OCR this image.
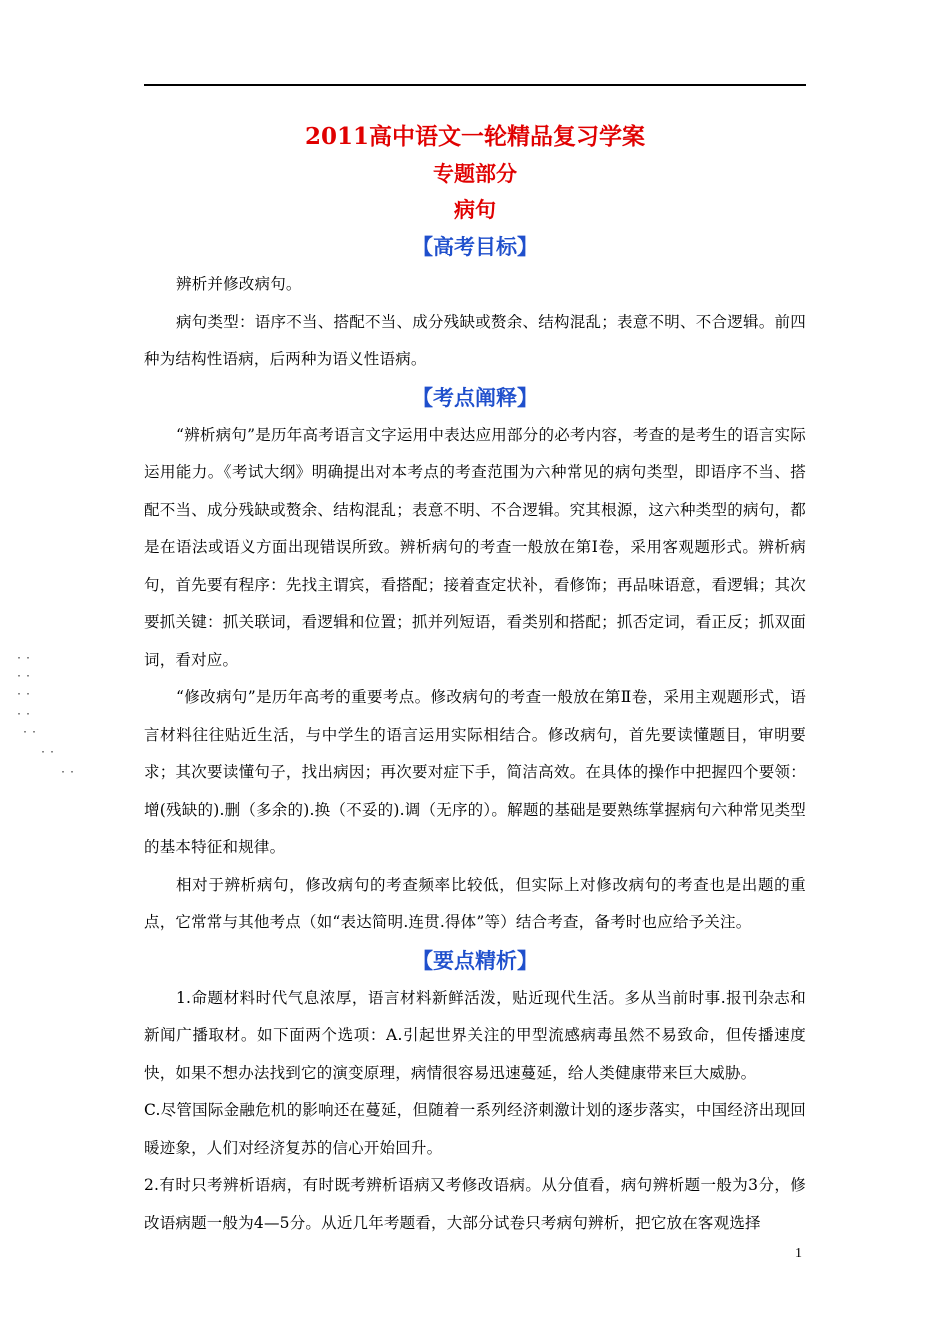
··
··
··
··
··
··
··
2011高中语文一轮精品复习学案
专题部分
病句
【高考目标】

辨析并修改病句。

病句类型：语序不当、搭配不当、成分残缺或赘余、结构混乱；表意不明、不合逻辑。前四种为结构性语病，后两种为语义性语病。

【考点阐释】

“辨析病句”是历年高考语言文字运用中表达应用部分的必考内容，考查的是考生的语言实际运用能力。《考试大纲》明确提出对本考点的考查范围为六种常见的病句类型，即语序不当、搭配不当、成分残缺或赘余、结构混乱；表意不明、不合逻辑。究其根源，这六种类型的病句，都是在语法或语义方面出现错误所致。辨析病句的考查一般放在第Ⅰ卷，采用客观题形式。辨析病句，首先要有程序：先找主谓宾，看搭配；接着查定状补，看修饰；再品味语意，看逻辑；其次要抓关键：抓关联词，看逻辑和位置；抓并列短语，看类别和搭配；抓否定词，看正反；抓双面词，看对应。

“修改病句”是历年高考的重要考点。修改病句的考查一般放在第Ⅱ卷，采用主观题形式，语言材料往往贴近生活，与中学生的语言运用实际相结合。修改病句，首先要读懂题目，审明要求；其次要读懂句子，找出病因；再次要对症下手，简洁高效。在具体的操作中把握四个要领：增(残缺的).删（多余的).换（不妥的).调（无序的）。解题的基础是要熟练掌握病句六种常见类型的基本特征和规律。

相对于辨析病句，修改病句的考查频率比较低，但实际上对修改病句的考查也是出题的重点，它常常与其他考点（如“表达简明.连贯.得体”等）结合考查，备考时也应给予关注。

【要点精析】

1.命题材料时代气息浓厚，语言材料新鲜活泼，贴近现代生活。多从当前时事.报刊杂志和新闻广播取材。如下面两个选项：A.引起世界关注的甲型流感病毒虽然不易致命，但传播速度快，如果不想办法找到它的演变原理，病情很容易迅速蔓延，给人类健康带来巨大威胁。

C.尽管国际金融危机的影响还在蔓延，但随着一系列经济刺激计划的逐步落实，中国经济出现回暖迹象，人们对经济复苏的信心开始回升。

2.有时只考辨析语病，有时既考辨析语病又考修改语病。从分值看，病句辨析题一般为3分，修改语病题一般为4—5分。从近几年考题看，大部分试卷只考病句辨析，把它放在客观选择

1
